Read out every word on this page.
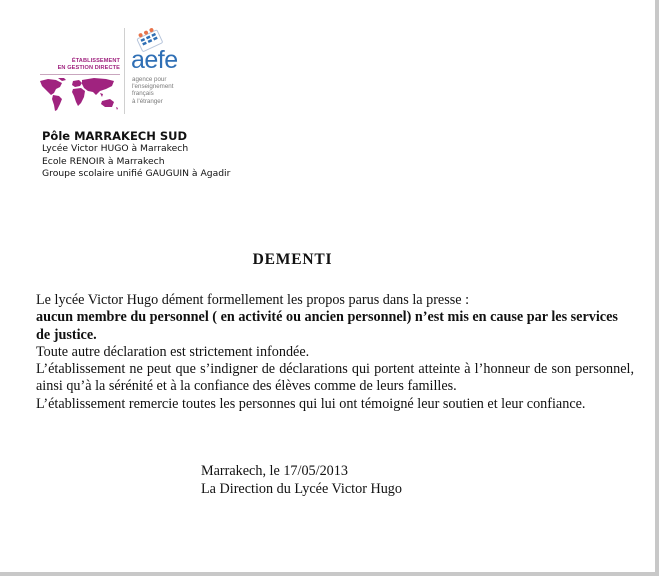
ÉTABLISSEMENT
EN GESTION DIRECTE aefe
agence pour
l'enseignement
français
à l'étranger
Pôle MARRAKECH SUD
Lycée Victor HUGO à Marrakech
Ecole RENOIR à Marrakech
Groupe scolaire unifié GAUGUIN à Agadir
DEMENTI

Le lycée Victor Hugo dément formellement les propos parus dans la presse :

aucun membre du personnel ( en activité ou ancien personnel) n’est mis en cause par les services de justice.

Toute autre déclaration est strictement infondée.

L’établissement ne peut que s’indigner de déclarations qui portent atteinte à l’honneur de son personnel, ainsi qu’à la sérénité et à la confiance des élèves comme de leurs familles.

L’établissement remercie toutes les personnes qui lui ont témoigné leur soutien et leur confiance.

Marrakech, le 17/05/2013
La Direction du Lycée Victor Hugo
